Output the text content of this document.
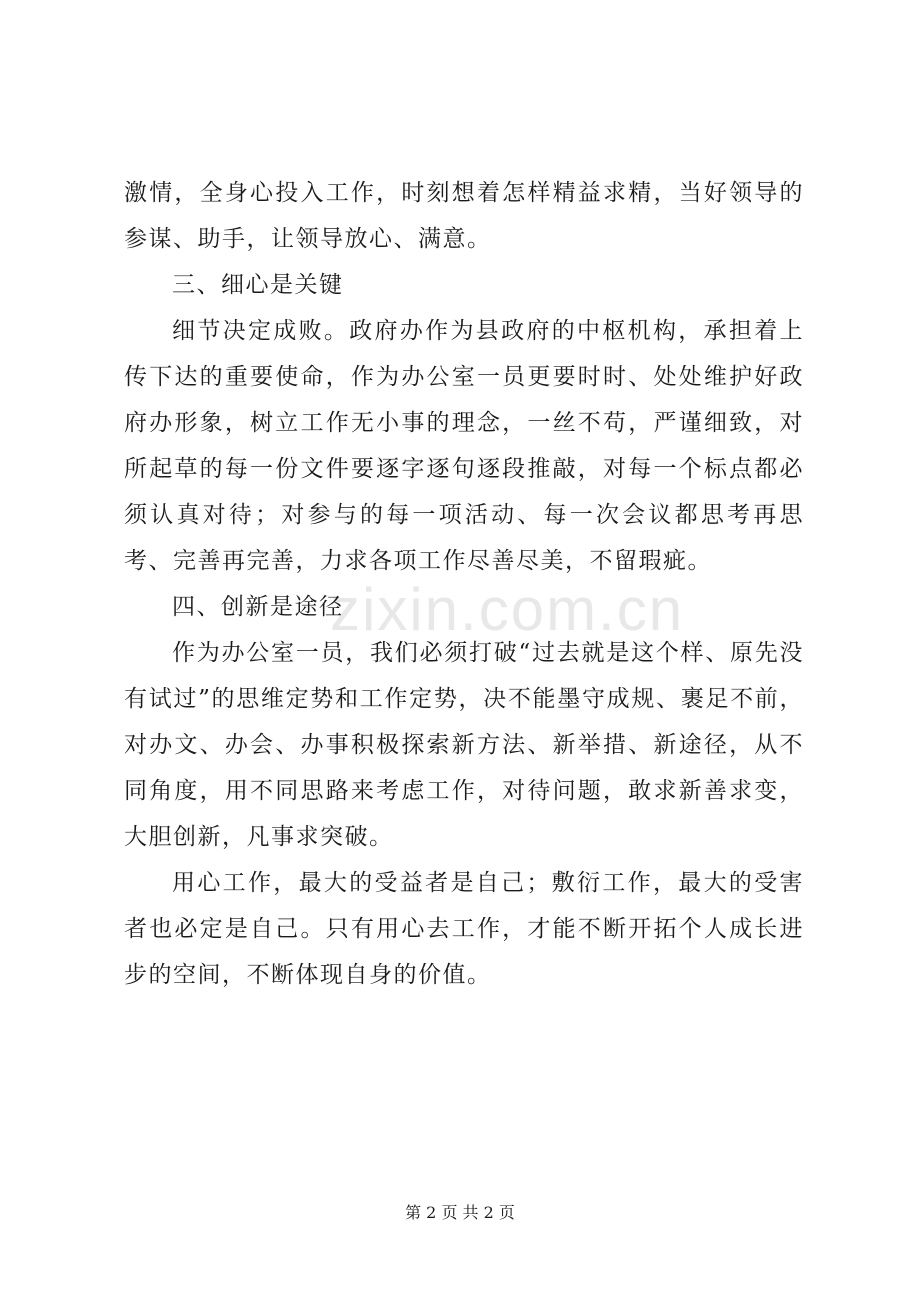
zixin.com.cn

激情，全身心投入工作，时刻想着怎样精益求精，当好领导的参谋、助手，让领导放心、满意。

三、细心是关键

细节决定成败。政府办作为县政府的中枢机构，承担着上传下达的重要使命，作为办公室一员更要时时、处处维护好政府办形象，树立工作无小事的理念，一丝不苟，严谨细致，对所起草的每一份文件要逐字逐句逐段推敲，对每一个标点都必须认真对待；对参与的每一项活动、每一次会议都思考再思考、完善再完善，力求各项工作尽善尽美，不留瑕疵。

四、创新是途径

作为办公室一员，我们必须打破“过去就是这个样、原先没有试过”的思维定势和工作定势，决不能墨守成规、裹足不前，对办文、办会、办事积极探索新方法、新举措、新途径，从不同角度，用不同思路来考虑工作，对待问题，敢求新善求变，大胆创新，凡事求突破。

用心工作，最大的受益者是自己；敷衍工作，最大的受害者也必定是自己。只有用心去工作，才能不断开拓个人成长进步的空间，不断体现自身的价值。

第 2 页 共 2 页
